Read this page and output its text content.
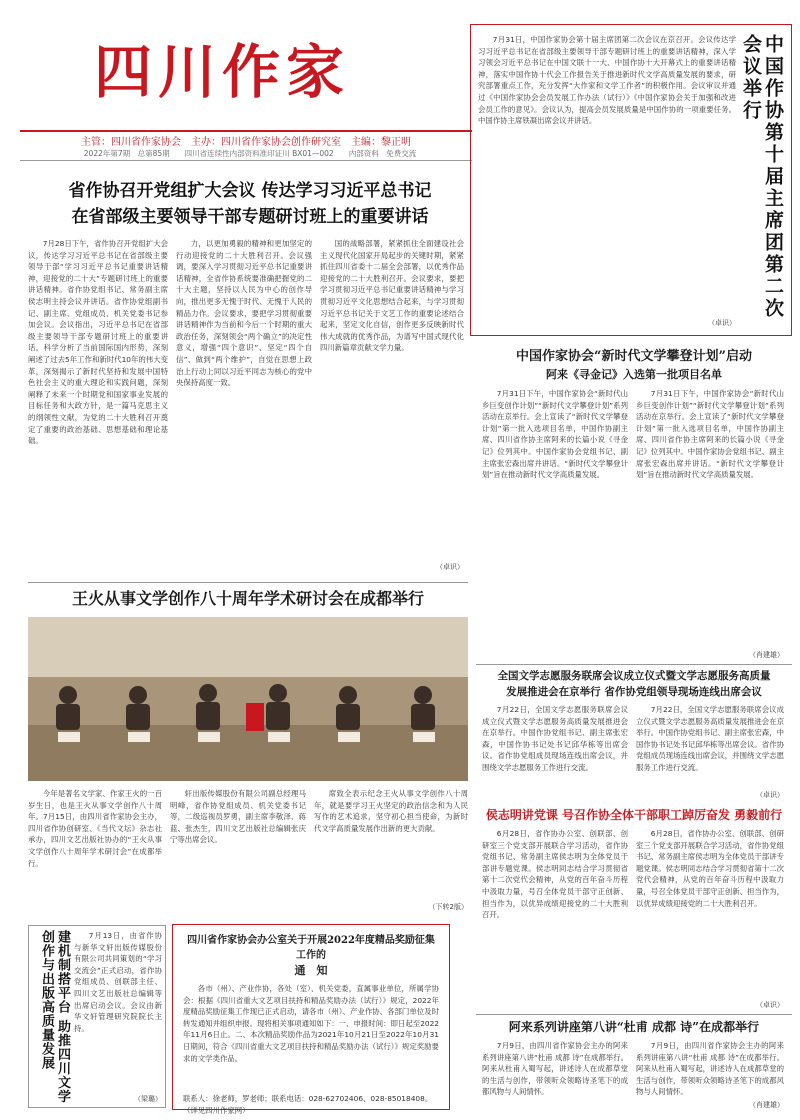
四川作家
主管：四川省作家协会　主办：四川省作家协会创作研究室　主编：黎正明
2022年第7期　总第85期　　四川省连续性内部资料准印证川 BX01—002　　内部资料　免费交流
省作协召开党组扩大会议 传达学习习近平总书记
在省部级主要领导干部专题研讨班上的重要讲话

7月28日下午，省作协召开党组扩大会议，传达学习习近平总书记在省部级主要领导干部“学习习近平总书记重要讲话精神，迎接党的二十大”专题研讨班上的重要讲话精神。省作协党组书记、常务副主席侯志明主持会议并讲话。省作协党组副书记、副主席、党组成员、机关党委书记参加会议。会议指出，习近平总书记在省部级主要领导干部专题研讨班上的重要讲话，科学分析了当前国际国内形势，深刻阐述了过去5年工作和新时代10年的伟大变革，深刻揭示了新时代坚持和发展中国特色社会主义的重大理论和实践问题，深刻阐释了未来一个时期党和国家事业发展的目标任务和大政方针，是一篇马克思主义的纲领性文献，为党的二十大胜利召开奠定了重要的政治基础、思想基础和理论基础。

力，以更加勇毅的精神和更加坚定的行动迎接党的二十大胜利召开。会议强调，要深入学习贯彻习近平总书记重要讲话精神，全省作协系统要准确把握党的二十大主题，坚持以人民为中心的创作导向，推出更多无愧于时代、无愧于人民的精品力作。会议要求，要把学习贯彻重要讲话精神作为当前和今后一个时期的重大政治任务，深刻领会“两个确立”的决定性意义，增强“四个意识”、坚定“四个自信”、做到“两个维护”，自觉在思想上政治上行动上同以习近平同志为核心的党中央保持高度一致。

国的战略部署，紧紧抓住全面建设社会主义现代化国家开局起步的关键时期，紧紧抓住四川省委十二届全会部署，以优秀作品迎接党的二十大胜利召开。会议要求，要把学习贯彻习近平总书记重要讲话精神与学习贯彻习近平文化思想结合起来，与学习贯彻习近平总书记关于文艺工作的重要论述结合起来，坚定文化自信，创作更多反映新时代伟大成就的优秀作品，为谱写中国式现代化四川新篇章贡献文学力量。

（卓识）

7月31日，中国作家协会第十届主席团第二次会议在京召开。会议传达学习习近平总书记在省部级主要领导干部专题研讨班上的重要讲话精神，深入学习领会习近平总书记在中国文联十一大、中国作协十大开幕式上的重要讲话精神，落实中国作协十代会工作报告关于推进新时代文学高质量发展的要求，研究部署重点工作，充分发挥“大作家和文学工作者”的积极作用。会议审议并通过《中国作家协会会员发展工作办法（试行）》《中国作家协会关于加强和改进会员工作的意见》。会议认为，提高会员发展质量是中国作协的一项重要任务。中国作协主席铁凝出席会议并讲话。

（卓识）
中国作协第十届主席团第二次会议举行
中国作家协会“新时代文学攀登计划”启动
阿来《寻金记》入选第一批项目名单

7月31日下午，中国作家协会“新时代山乡巨变创作计划”“新时代文学攀登计划”系列活动在京举行。会上宣读了“新时代文学攀登计划”第一批入选项目名单，中国作协副主席、四川省作协主席阿来的长篇小说《寻金记》位列其中。中国作家协会党组书记、副主席张宏森出席并讲话。“新时代文学攀登计划”旨在推动新时代文学高质量发展。

7月31日下午，中国作家协会“新时代山乡巨变创作计划”“新时代文学攀登计划”系列活动在京举行。会上宣读了“新时代文学攀登计划”第一批入选项目名单，中国作协副主席、四川省作协主席阿来的长篇小说《寻金记》位列其中。中国作家协会党组书记、副主席张宏森出席并讲话。“新时代文学攀登计划”旨在推动新时代文学高质量发展。

（肖建雄）
王火从事文学创作八十周年学术研讨会在成都举行

今年是著名文学家、作家王火的一百岁生日，也是王火从事文学创作八十周年。7月15日，由四川省作家协会主办，四川省作协创研室、《当代文坛》杂志社承办，四川文艺出版社协办的“王火从事文学创作八十周年学术研讨会”在成都举行。

轩出版传媒股份有限公司副总经理马明峰，省作协党组成员、机关党委书记等，二级巡视员罗勇，副主席李敬泽、蒋蓝、张杰生，四川文艺出版社总编辑张庆宁等出席会议。

席致全表示纪念王火从事文学创作八十周年，就是要学习王火坚定的政治信念和为人民写作的艺术追求，坚守初心担当使命，为新时代文学高质量发展作出新的更大贡献。

（下转2版）
全国文学志愿服务联席会议成立仪式暨文学志愿服务高质量
发展推进会在京举行 省作协党组领导现场连线出席会议

7月22日，全国文学志愿服务联席会议成立仪式暨文学志愿服务高质量发展推进会在京举行。中国作协党组书记、副主席张宏森，中国作协书记处书记邱华栋等出席会议。省作协党组成员现场连线出席会议，并围绕文学志愿服务工作进行交流。

7月22日，全国文学志愿服务联席会议成立仪式暨文学志愿服务高质量发展推进会在京举行。中国作协党组书记、副主席张宏森，中国作协书记处书记邱华栋等出席会议。省作协党组成员现场连线出席会议，并围绕文学志愿服务工作进行交流。

（卓识）
侯志明讲党课 号召作协全体干部职工踔厉奋发 勇毅前行

6月28日，省作协办公室、创联部、创研室三个党支部开展联合学习活动，省作协党组书记、常务副主席侯志明为全体党员干部讲专题党课。侯志明同志结合学习贯彻省第十二次党代会精神，从党的百年奋斗历程中汲取力量，号召全体党员干部守正创新、担当作为，以优异成绩迎接党的二十大胜利召开。

6月28日，省作协办公室、创联部、创研室三个党支部开展联合学习活动，省作协党组书记、常务副主席侯志明为全体党员干部讲专题党课。侯志明同志结合学习贯彻省第十二次党代会精神，从党的百年奋斗历程中汲取力量，号召全体党员干部守正创新、担当作为，以优异成绩迎接党的二十大胜利召开。

（卓识）
阿来系列讲座第八讲“杜甫 成都 诗”在成都举行

7月9日，由四川省作家协会主办的阿来系列讲座第八讲“杜甫 成都 诗”在成都举行。阿来从杜甫入蜀写起，讲述诗人在成都草堂的生活与创作，带领听众领略诗圣笔下的成都风物与人间情怀。

7月9日，由四川省作家协会主办的阿来系列讲座第八讲“杜甫 成都 诗”在成都举行。阿来从杜甫入蜀写起，讲述诗人在成都草堂的生活与创作，带领听众领略诗圣笔下的成都风物与人间情怀。

（肖建雄）
四川省作家协会办公室关于开展2022年度精品奖励征集工作的
通　知

各市（州）、产业作协，各处（室）、机关党委，直属事业单位，所属学协会：根据《四川省重大文艺项目扶持和精品奖励办法（试行）》规定，2022年度精品奖励征集工作现已正式启动，请各市（州）、产业作协、各部门单位及时转发通知并组织申报。现将相关事项通知如下：一、申报时间：即日起至2022年11月6日止。二、本次精品奖励作品为2021年10月21日至2022年10月31日期间，符合《四川省重大文艺项目扶持和精品奖励办法（试行）》规定奖励要求的文学类作品。

联系人：徐老师，罗老师；联系电话：028-62702406、028-85018408。
（详见四川作家网）
建机制搭平台 助推四川文学创作与出版高质量发展	7月13日，由省作协与新华文轩出版传媒股份有限公司共同策划的“学习交流会”正式启动，省作协党组成员、创联部主任、四川文艺出版社总编辑等出席启动会议。会议由新华文轩管理研究院院长主持。

（梁璐）
